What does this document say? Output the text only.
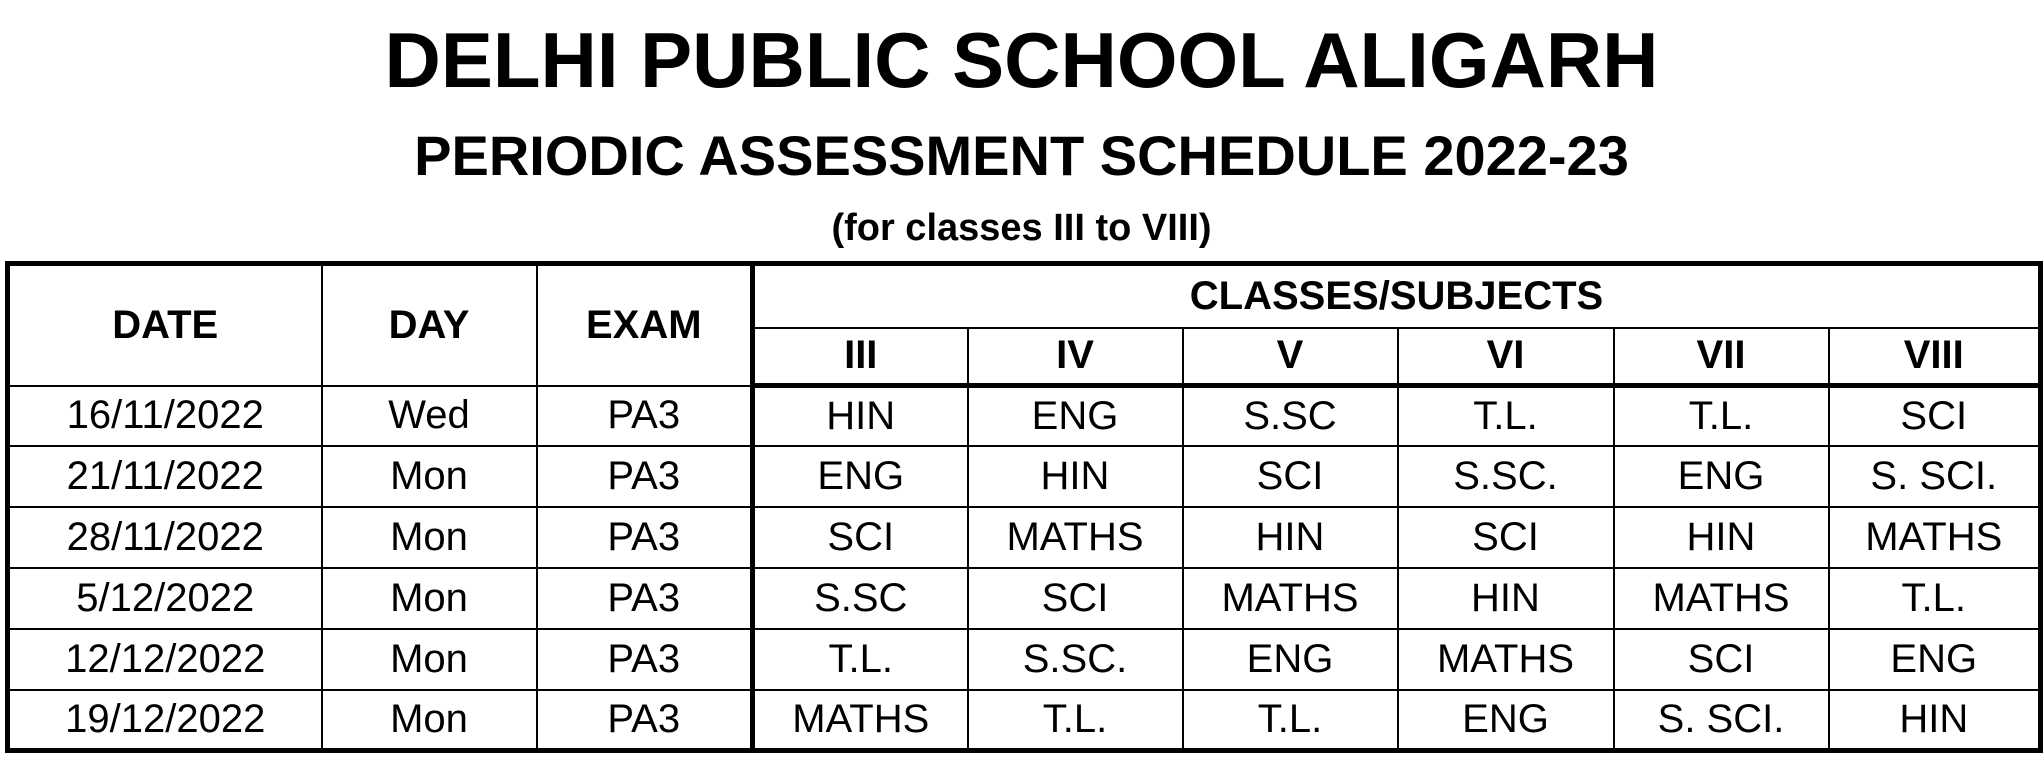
DELHI PUBLIC SCHOOL ALIGARH
PERIODIC ASSESSMENT SCHEDULE 2022-23
(for classes III to VIII)
DATE	DAY	EXAM	CLASSES/SUBJECTS					
			III	IV	V	VI	VII	VIII
16/11/2022	Wed	PA3	HIN	ENG	S.SC	T.L.	T.L.	SCI
21/11/2022	Mon	PA3	ENG	HIN	SCI	S.SC.	ENG	S. SCI.
28/11/2022	Mon	PA3	SCI	MATHS	HIN	SCI	HIN	MATHS
5/12/2022	Mon	PA3	S.SC	SCI	MATHS	HIN	MATHS	T.L.
12/12/2022	Mon	PA3	T.L.	S.SC.	ENG	MATHS	SCI	ENG
19/12/2022	Mon	PA3	MATHS	T.L.	T.L.	ENG	S. SCI.	HIN
